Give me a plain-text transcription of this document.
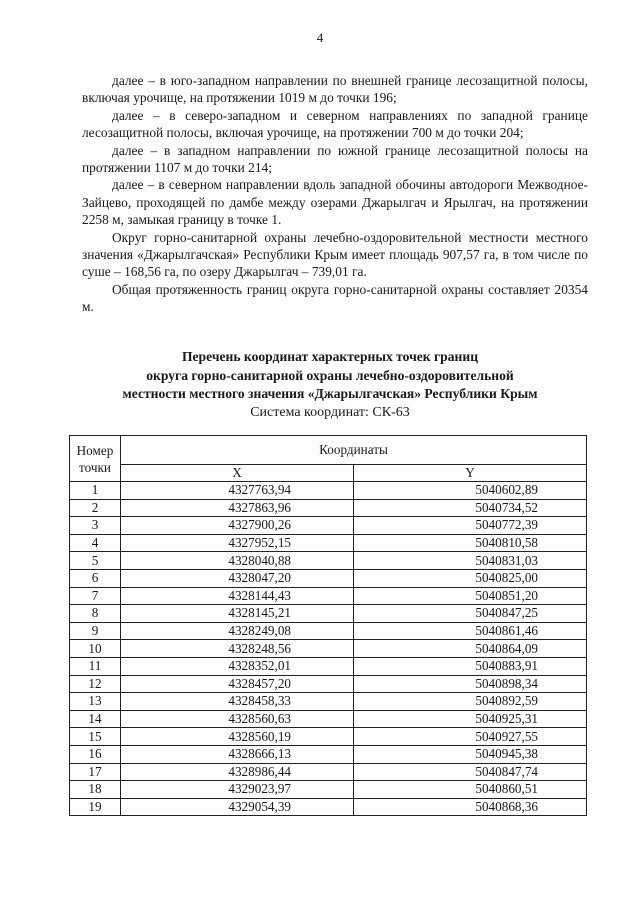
4

далее – в юго-западном направлении по внешней границе лесозащитной полосы, включая урочище, на протяжении 1019 м до точки 196;

далее – в северо-западном и северном направлениях по западной границе лесозащитной полосы, включая урочище, на протяжении 700 м до точки 204;

далее – в западном направлении по южной границе лесозащитной полосы на протяжении 1107 м до точки 214;

далее – в северном направлении вдоль западной обочины автодороги Межводное-Зайцево, проходящей по дамбе между озерами Джарылгач и Ярылгач, на протяжении 2258 м, замыкая границу в точке 1.

Округ горно-санитарной охраны лечебно-оздоровительной местности местного значения «Джарылгачская» Республики Крым имеет площадь 907,57 га, в том числе по суше – 168,56 га, по озеру Джарылгач – 739,01 га.

Общая протяженность границ округа горно-санитарной охраны составляет 20354 м.

Перечень координат характерных точек границ
округа горно-санитарной охраны лечебно-оздоровительной
местности местного значения «Джарылгачская» Республики Крым
Система координат: СК-63
Номер точки	Координаты	
	X	Y
1	4327763,94	5040602,89
2	4327863,96	5040734,52
3	4327900,26	5040772,39
4	4327952,15	5040810,58
5	4328040,88	5040831,03
6	4328047,20	5040825,00
7	4328144,43	5040851,20
8	4328145,21	5040847,25
9	4328249,08	5040861,46
10	4328248,56	5040864,09
11	4328352,01	5040883,91
12	4328457,20	5040898,34
13	4328458,33	5040892,59
14	4328560,63	5040925,31
15	4328560,19	5040927,55
16	4328666,13	5040945,38
17	4328986,44	5040847,74
18	4329023,97	5040860,51
19	4329054,39	5040868,36
